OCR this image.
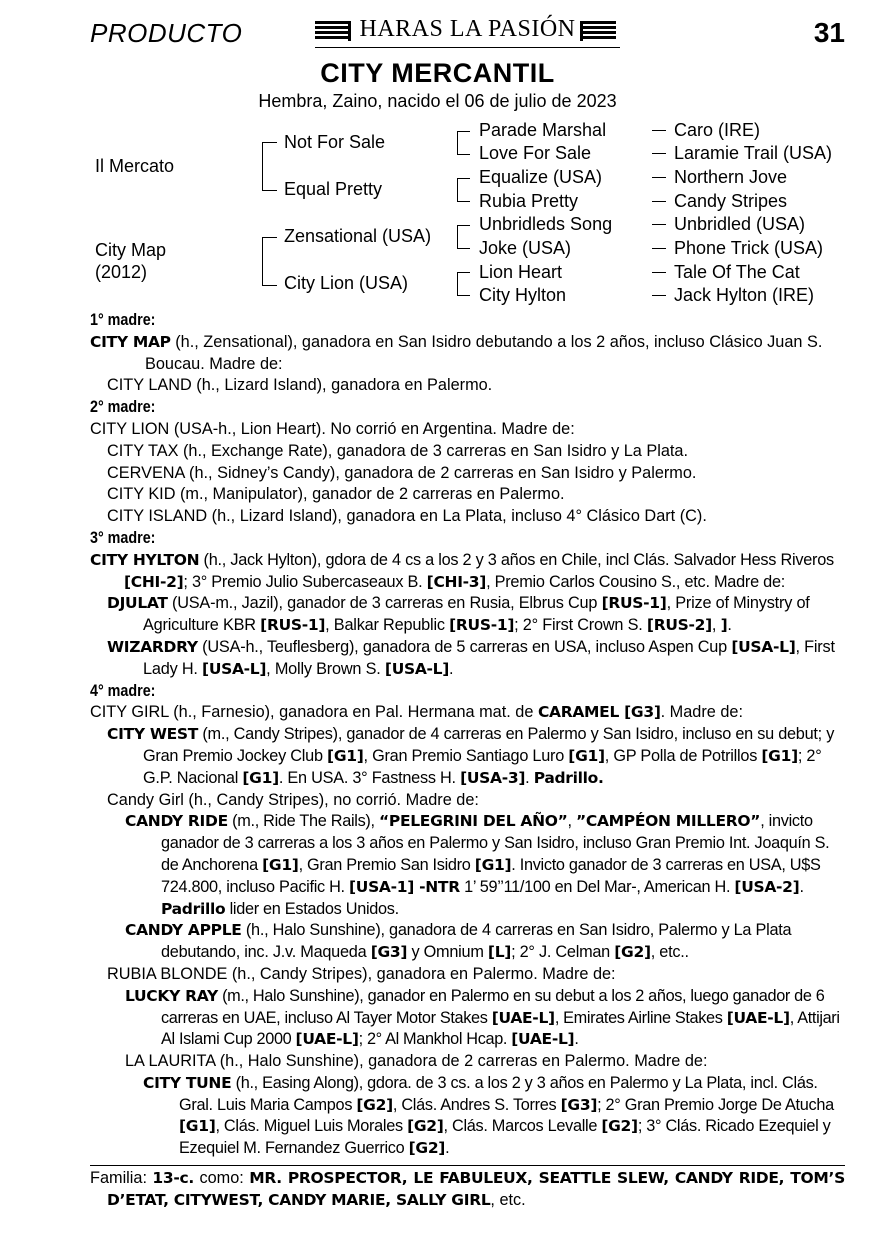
PRODUCTO	HARAS LA PASIÓN	31
CITY MERCANTIL
Hembra, Zaino, nacido el 06 de julio de 2023
Il Mercato
City Map
(2012)
Not For Sale
Equal Pretty
Zensational (USA)
City Lion (USA)
Parade Marshal
Love For Sale
Equalize (USA)
Rubia Pretty
Unbridleds Song
Joke (USA)
Lion Heart
City Hylton
Caro (IRE)
Laramie Trail (USA)
Northern Jove
Candy Stripes
Unbridled (USA)
Phone Trick (USA)
Tale Of The Cat
Jack Hylton (IRE)

1° madre:

CITY MAP (h., Zensational), ganadora en San Isidro debutando a los 2 años, incluso Clásico Juan S. Boucau. Madre de:

CITY LAND (h., Lizard Island), ganadora en Palermo.

2° madre:

CITY LION (USA-h., Lion Heart). No corrió en Argentina. Madre de:

CITY TAX (h., Exchange Rate), ganadora de 3 carreras en San Isidro y La Plata.

CERVENA (h., Sidney’s Candy), ganadora de 2 carreras en San Isidro y Palermo.

CITY KID (m., Manipulator), ganador de 2 carreras en Palermo.

CITY ISLAND (h., Lizard Island), ganadora en La Plata, incluso 4° Clásico Dart (C).

3° madre:

CITY HYLTON (h., Jack Hylton), gdora de 4 cs a los 2 y 3 años en Chile, incl Clás. Salvador Hess Riveros [CHI-2]; 3° Premio Julio Subercaseaux B. [CHI-3], Premio Carlos Cousino S., etc. Madre de:

DJULAT (USA-m., Jazil), ganador de 3 carreras en Rusia, Elbrus Cup [RUS-1], Prize of Minystry of Agriculture KBR [RUS-1], Balkar Republic [RUS-1]; 2° First Crown S. [RUS-2], ].

WIZARDRY (USA-h., Teuflesberg), ganadora de 5 carreras en USA, incluso Aspen Cup [USA-L], First Lady H. [USA-L], Molly Brown S. [USA-L].

4° madre:

CITY GIRL (h., Farnesio), ganadora en Pal. Hermana mat. de CARAMEL [G3]. Madre de:

CITY WEST (m., Candy Stripes), ganador de 4 carreras en Palermo y San Isidro, incluso en su debut; y Gran Premio Jockey Club [G1], Gran Premio Santiago Luro [G1], GP Polla de Potrillos [G1]; 2° G.P. Nacional [G1]. En USA. 3° Fastness H. [USA-3]. Padrillo.

Candy Girl (h., Candy Stripes), no corrió. Madre de:

CANDY RIDE (m., Ride The Rails), “PELEGRINI DEL AÑO”, ”CAMPÉON MILLERO”, invicto ganador de 3 carreras a los 3 años en Palermo y San Isidro, incluso Gran Premio Int. Joaquín S. de Anchorena [G1], Gran Premio San Isidro [G1]. Invicto ganador de 3 carreras en USA, U$S 724.800, incluso Pacific H. [USA-1] -NTR 1’ 59’’11/100 en Del Mar-, American H. [USA-2]. Padrillo lider en Estados Unidos.

CANDY APPLE (h., Halo Sunshine), ganadora de 4 carreras en San Isidro, Palermo y La Plata debutando, inc. J.v. Maqueda [G3] y Omnium [L]; 2° J. Celman [G2], etc..

RUBIA BLONDE (h., Candy Stripes), ganadora en Palermo. Madre de:

LUCKY RAY (m., Halo Sunshine), ganador en Palermo en su debut a los 2 años, luego ganador de 6 carreras en UAE, incluso Al Tayer Motor Stakes [UAE-L], Emirates Airline Stakes [UAE-L], Attijari Al Islami Cup 2000 [UAE-L]; 2° Al Mankhol Hcap. [UAE-L].

LA LAURITA (h., Halo Sunshine), ganadora de 2 carreras en Palermo. Madre de:

CITY TUNE (h., Easing Along), gdora. de 3 cs. a los 2 y 3 años en Palermo y La Plata, incl. Clás. Gral. Luis Maria Campos [G2], Clás. Andres S. Torres [G3]; 2° Gran Premio Jorge De Atucha [G1], Clás. Miguel Luis Morales [G2], Clás. Marcos Levalle [G2]; 3° Clás. Ricado Ezequiel y Ezequiel M. Fernandez Guerrico [G2].

Familia: 13-c. como: MR. PROSPECTOR, LE FABULEUX, SEATTLE SLEW, CANDY RIDE, TOM’S D’ETAT, CITYWEST, CANDY MARIE, SALLY GIRL, etc.
